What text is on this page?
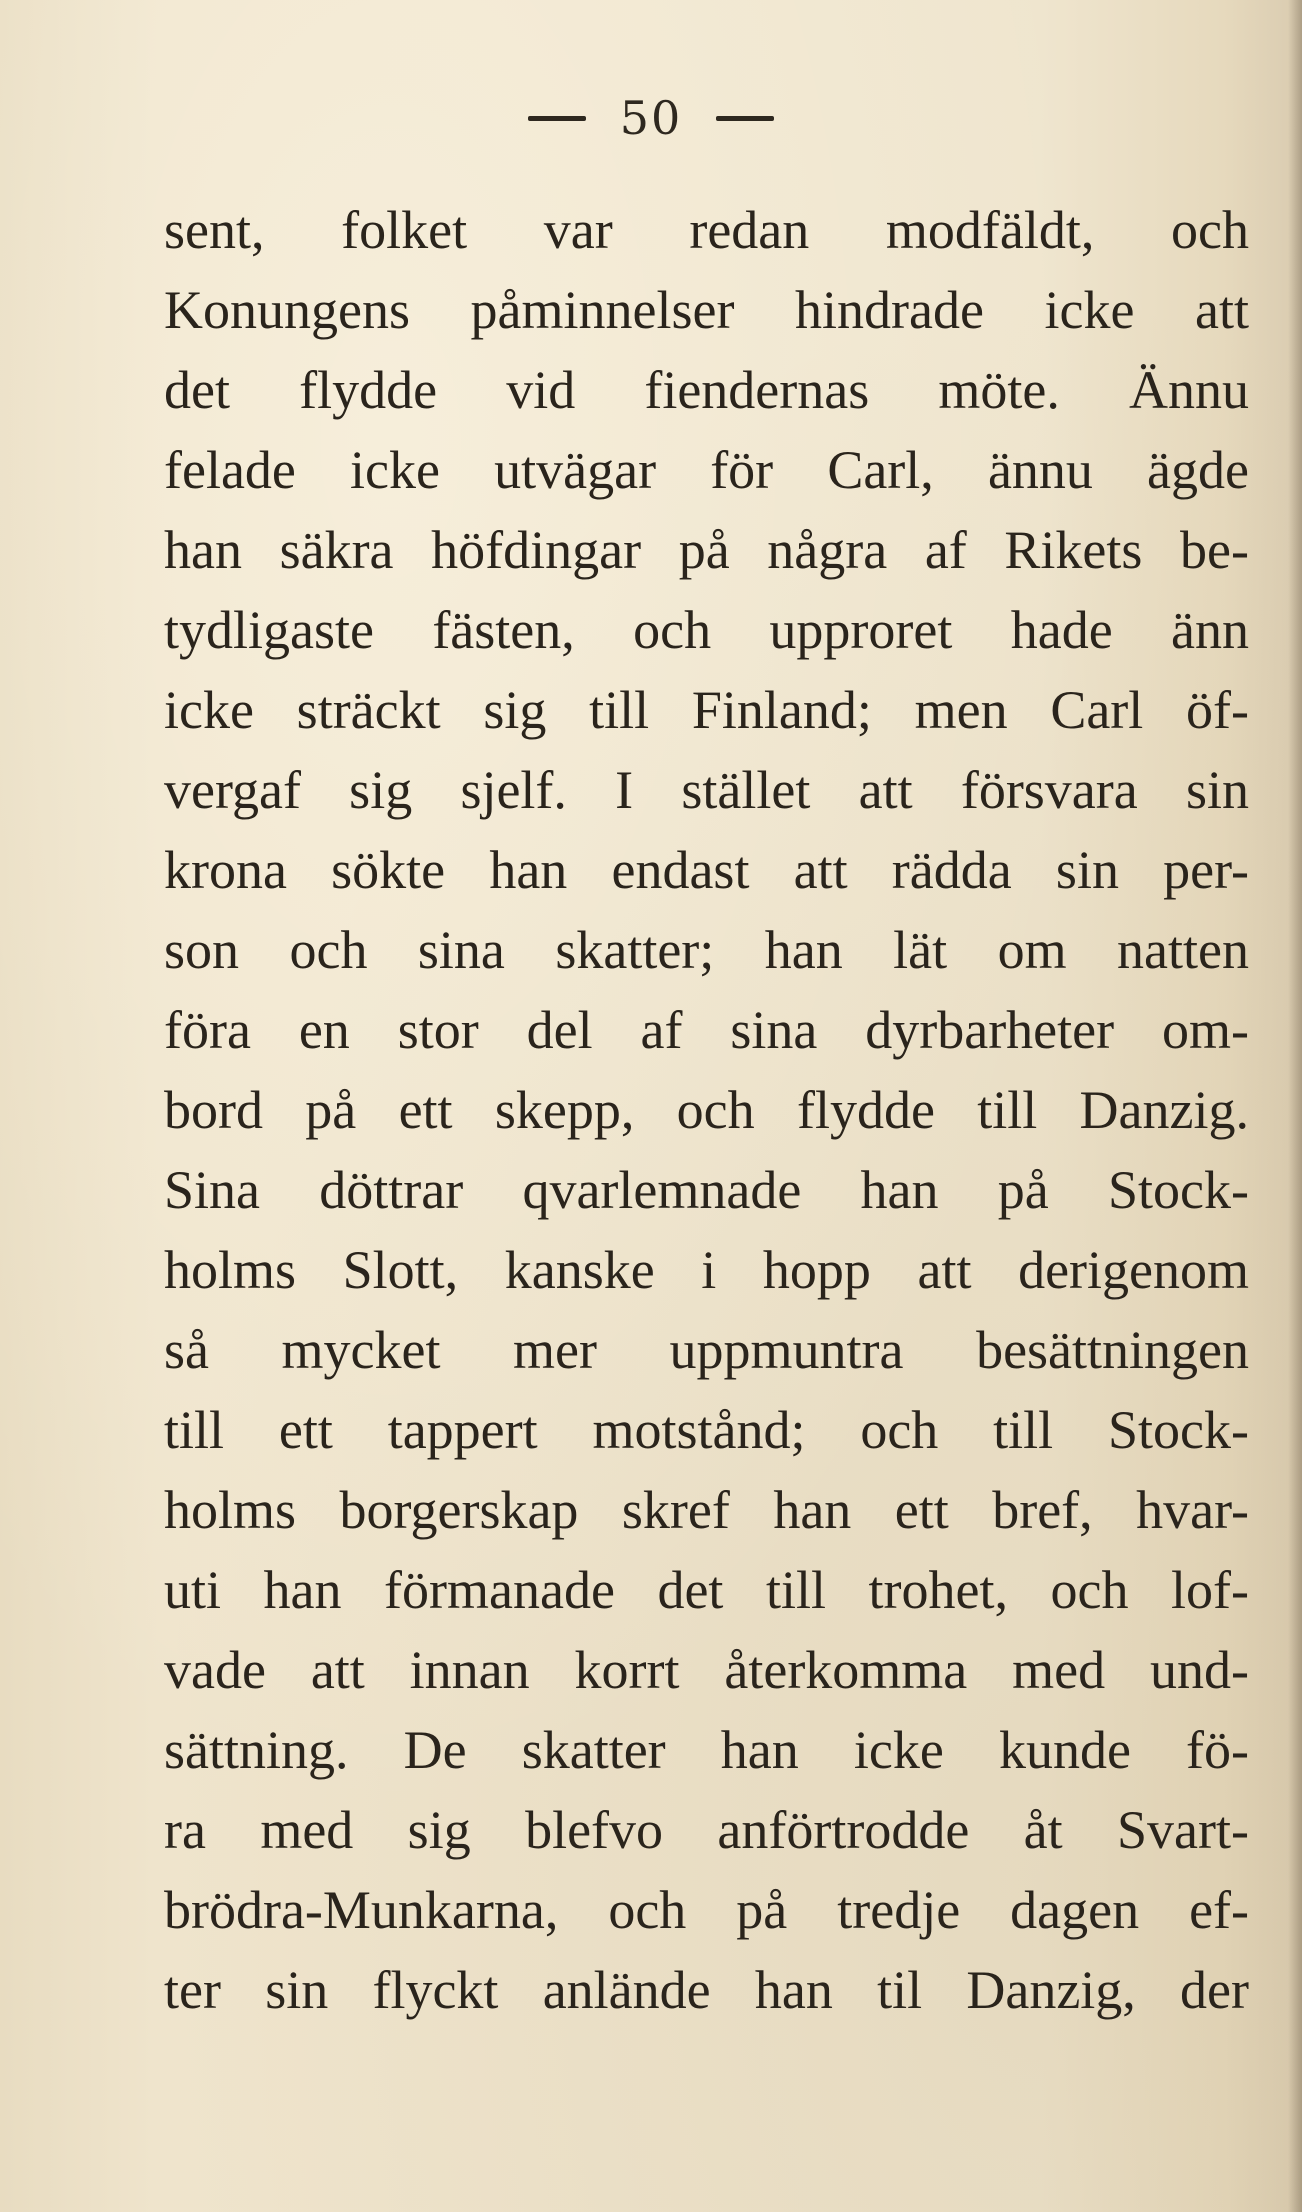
50
sent, folket var redan modfäldt, och
Konungens påminnelser hindrade icke att
det flydde vid fiendernas möte. Ännu
felade icke utvägar för Carl, ännu ägde
han säkra höfdingar på några af Rikets be-
tydligaste fästen, och upproret hade änn
icke sträckt sig till Finland; men Carl öf-
vergaf sig sjelf. I stället att försvara sin
krona sökte han endast att rädda sin per-
son och sina skatter; han lät om natten
föra en stor del af sina dyrbarheter om-
bord på ett skepp, och flydde till Danzig.
Sina döttrar qvarlemnade han på Stock-
holms Slott, kanske i hopp att derigenom
så mycket mer uppmuntra besättningen
till ett tappert motstånd; och till Stock-
holms borgerskap skref han ett bref, hvar-
uti han förmanade det till trohet, och lof-
vade att innan korrt återkomma med und-
sättning. De skatter han icke kunde fö-
ra med sig blefvo anförtrodde åt Svart-
brödra-Munkarna, och på tredje dagen ef-
ter sin flyckt anlände han til Danzig, der
